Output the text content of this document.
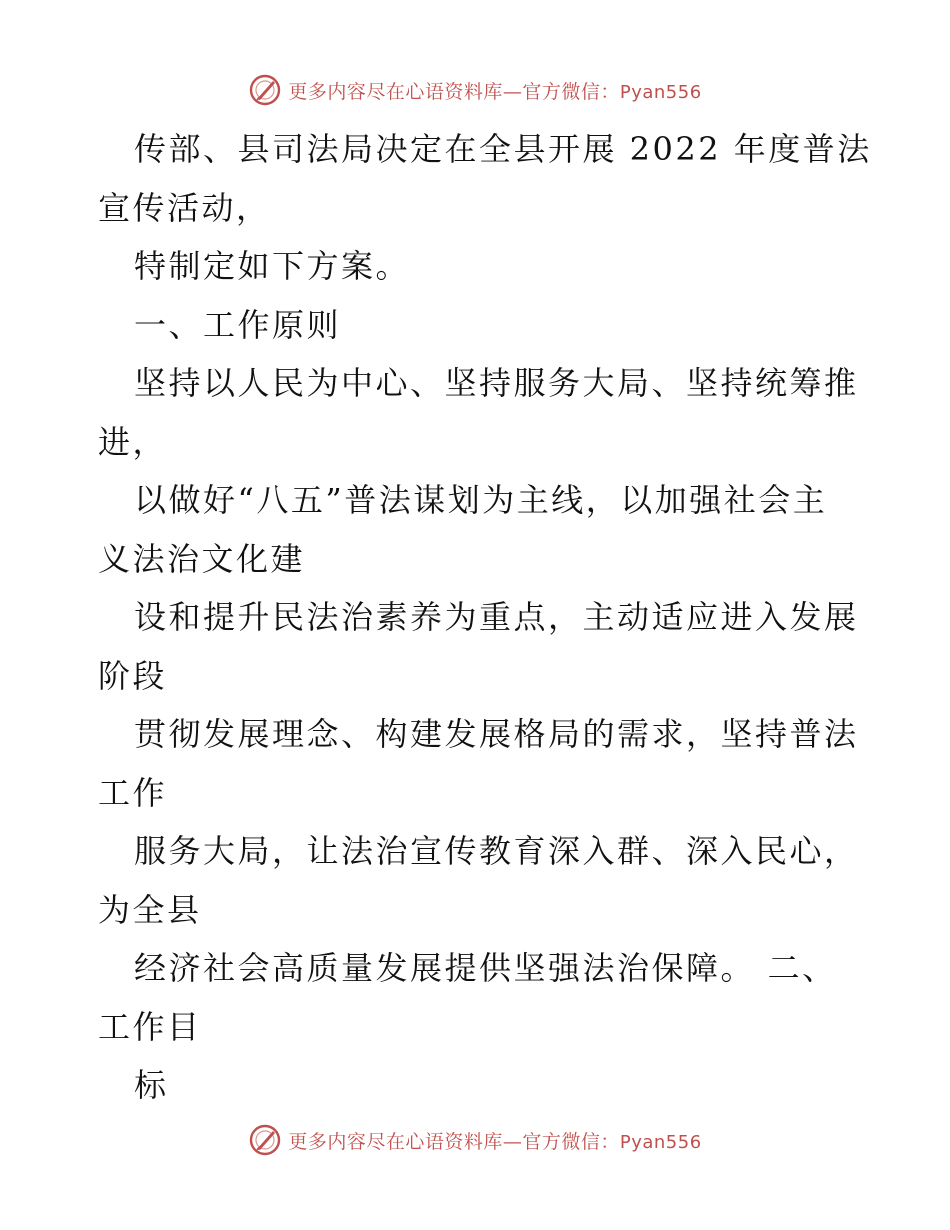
更多内容尽在心语资料库—官方微信：Pyan556
传部、县司法局决定在全县开展 2022 年度普法
宣传活动，
特制定如下方案。
一、工作原则
坚持以人民为中心、坚持服务大局、坚持统筹推
进，
以做好“八五”普法谋划为主线，以加强社会主
义法治文化建
设和提升民法治素养为重点，主动适应进入发展
阶段
贯彻发展理念、构建发展格局的需求，坚持普法
工作
服务大局，让法治宣传教育深入群、深入民心，
为全县
经济社会高质量发展提供坚强法治保障。 二、
工作目
标
更多内容尽在心语资料库—官方微信：Pyan556
